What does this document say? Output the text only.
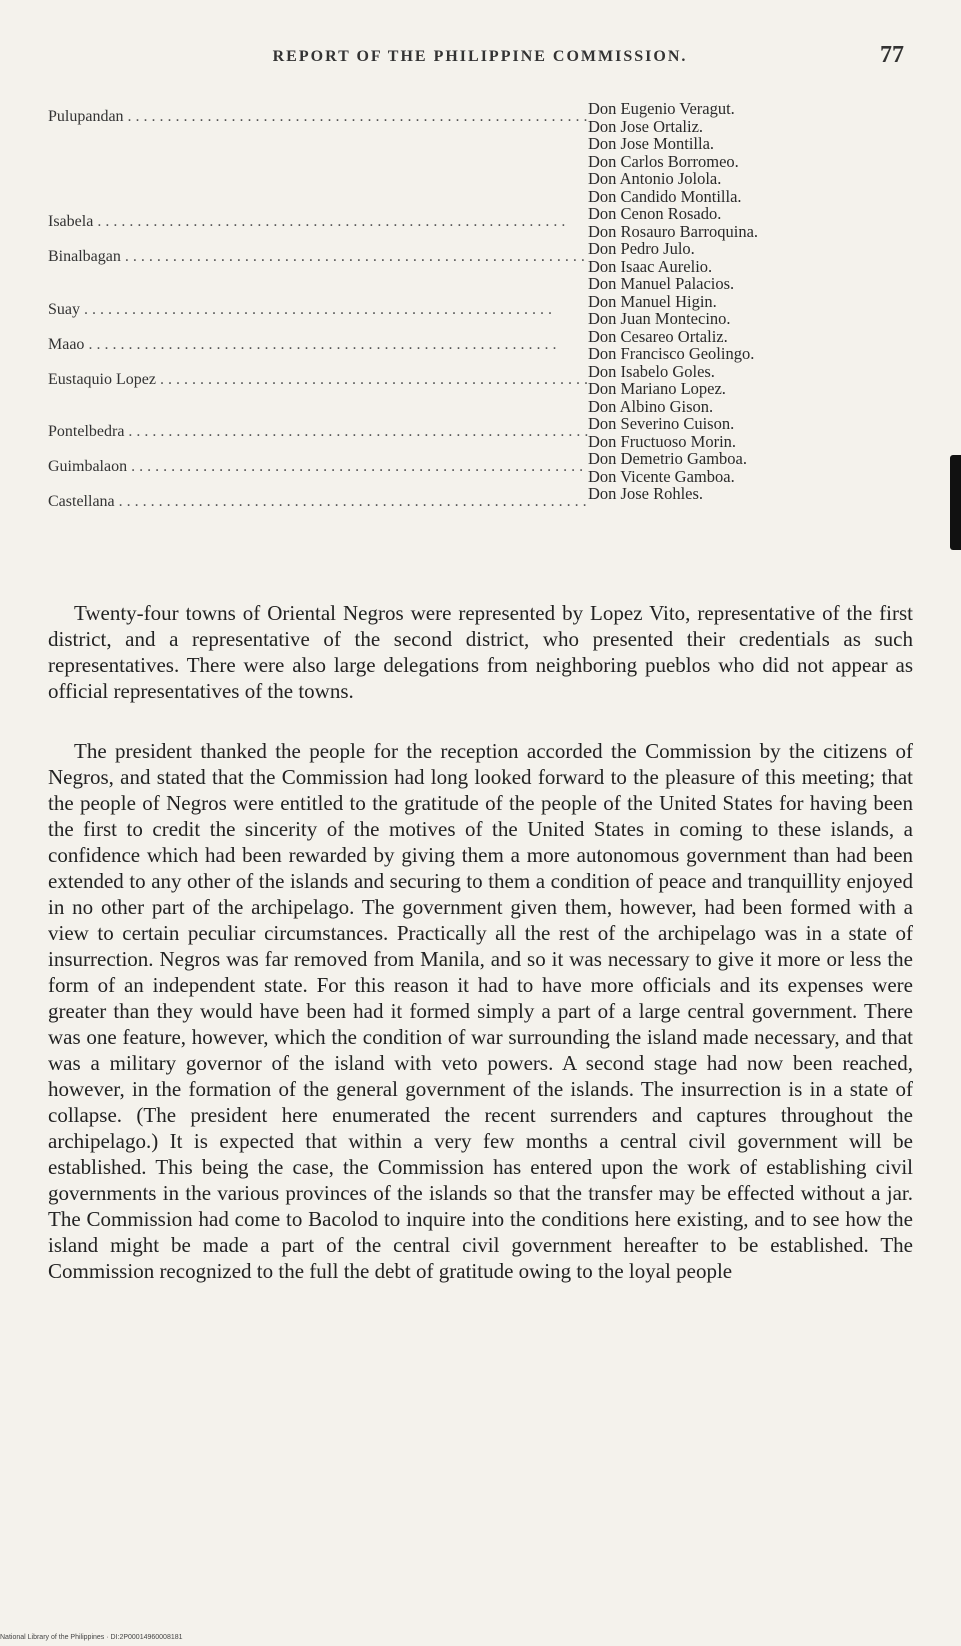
REPORT OF THE PHILIPPINE COMMISSION.	77
Pulupandan . . .	Don Eugenio Veragut.
Don Jose Ortaliz.
Don Jose Montilla.
Don Carlos Borromeo.
Don Antonio Jolola.
Don Candido Montilla.
Isabela . . .	Don Cenon Rosado.
Don Rosauro Barroquina.
Binalbagan . . .	Don Pedro Julo.
Don Isaac Aurelio.
Don Manuel Palacios.
Suay . . .	Don Manuel Higin.
Don Juan Montecino.
Maao . . .	Don Cesareo Ortaliz.
Don Francisco Geolingo.
Eustaquio Lopez . . .	Don Isabelo Goles.
Don Mariano Lopez.
Don Albino Gison.
Pontelbedra . . .	Don Severino Cuison.
Don Fructuoso Morin.
Guimbalaon . . .	Don Demetrio Gamboa.
Don Vicente Gamboa.
Castellana . . .	Don Jose Rohles.

Twenty-four towns of Oriental Negros were represented by Lopez Vito, representative of the first district, and a representative of the second district, who presented their credentials as such representatives. There were also large delegations from neighboring pueblos who did not appear as official representatives of the towns.

The president thanked the people for the reception accorded the Commission by the citizens of Negros, and stated that the Commission had long looked forward to the pleasure of this meeting; that the people of Negros were entitled to the gratitude of the people of the United States for having been the first to credit the sincerity of the motives of the United States in coming to these islands, a confidence which had been rewarded by giving them a more autonomous government than had been extended to any other of the islands and securing to them a condition of peace and tranquillity enjoyed in no other part of the archipelago. The government given them, however, had been formed with a view to certain peculiar circumstances. Practically all the rest of the archipelago was in a state of insurrection. Negros was far removed from Manila, and so it was necessary to give it more or less the form of an independent state. For this reason it had to have more officials and its expenses were greater than they would have been had it formed simply a part of a large central government. There was one feature, however, which the condition of war surrounding the island made necessary, and that was a military governor of the island with veto powers. A second stage had now been reached, however, in the formation of the general government of the islands. The insurrection is in a state of collapse. (The president here enumerated the recent surrenders and captures throughout the archipelago.) It is expected that within a very few months a central civil government will be established. This being the case, the Commission has entered upon the work of establishing civil governments in the various provinces of the islands so that the transfer may be effected without a jar. The Commission had come to Bacolod to inquire into the conditions here existing, and to see how the island might be made a part of the central civil government hereafter to be established. The Commission recognized to the full the debt of gratitude owing to the loyal people

National Library of the Philippines · DI:2P00014960008181
